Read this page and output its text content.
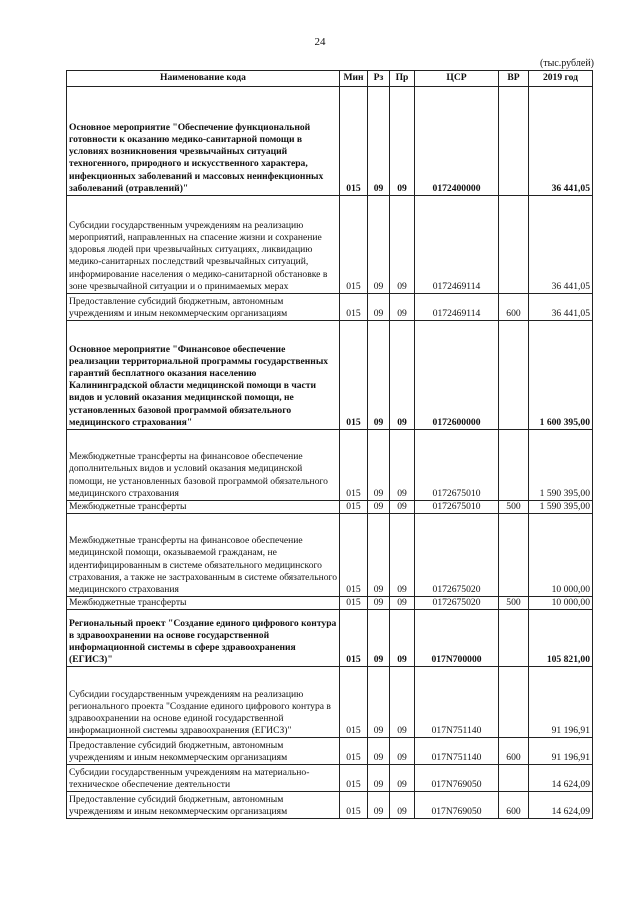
24
(тыс.рублей)
Наименование кода	Мин	Рз	Пр	ЦСР	ВР	2019 год
Основное мероприятие "Обеспечение функциональной готовности к оказанию медико-санитарной помощи в условиях возникновения чрезвычайных ситуаций техногенного, природного и искусственного характера, инфекционных заболеваний и массовых неинфекционных заболеваний (отравлений)"	015	09	09	0172400000		36 441,05
Субсидии государственным учреждениям на реализацию мероприятий, направленных на спасение жизни и сохранение здоровья людей при чрезвычайных ситуациях, ликвидацию медико-санитарных последствий чрезвычайных ситуаций, информирование населения о медико-санитарной обстановке в зоне чрезвычайной ситуации и о принимаемых мерах	015	09	09	0172469114		36 441,05
Предоставление субсидий бюджетным, автономным учреждениям и иным некоммерческим организациям	015	09	09	0172469114	600	36 441,05
Основное мероприятие "Финансовое обеспечение реализации территориальной программы государственных гарантий бесплатного оказания населению Калининградской области медицинской помощи в части видов и условий оказания медицинской помощи, не установленных базовой программой обязательного медицинского страхования"	015	09	09	0172600000		1 600 395,00
Межбюджетные трансферты на финансовое обеспечение дополнительных видов и условий оказания медицинской помощи, не установленных базовой программой обязательного медицинского страхования	015	09	09	0172675010		1 590 395,00
Межбюджетные трансферты	015	09	09	0172675010	500	1 590 395,00
Межбюджетные трансферты на финансовое обеспечение медицинской помощи, оказываемой гражданам, не идентифицированным в системе обязательного медицинского страхования, а также не застрахованным в системе обязательного медицинского страхования	015	09	09	0172675020		10 000,00
Межбюджетные трансферты	015	09	09	0172675020	500	10 000,00
Региональный проект "Создание единого цифрового контура в здравоохранении на основе государственной информационной системы в сфере здравоохранения (ЕГИСЗ)"	015	09	09	017N700000		105 821,00
Субсидии государственным учреждениям на реализацию регионального проекта "Создание единого цифрового контура в здравоохранении на основе единой государственной информационной системы здравоохранения (ЕГИСЗ)"	015	09	09	017N751140		91 196,91
Предоставление субсидий бюджетным, автономным учреждениям и иным некоммерческим организациям	015	09	09	017N751140	600	91 196,91
Субсидии государственным учреждениям на материально-техническое обеспечение деятельности	015	09	09	017N769050		14 624,09
Предоставление субсидий бюджетным, автономным учреждениям и иным некоммерческим организациям	015	09	09	017N769050	600	14 624,09
